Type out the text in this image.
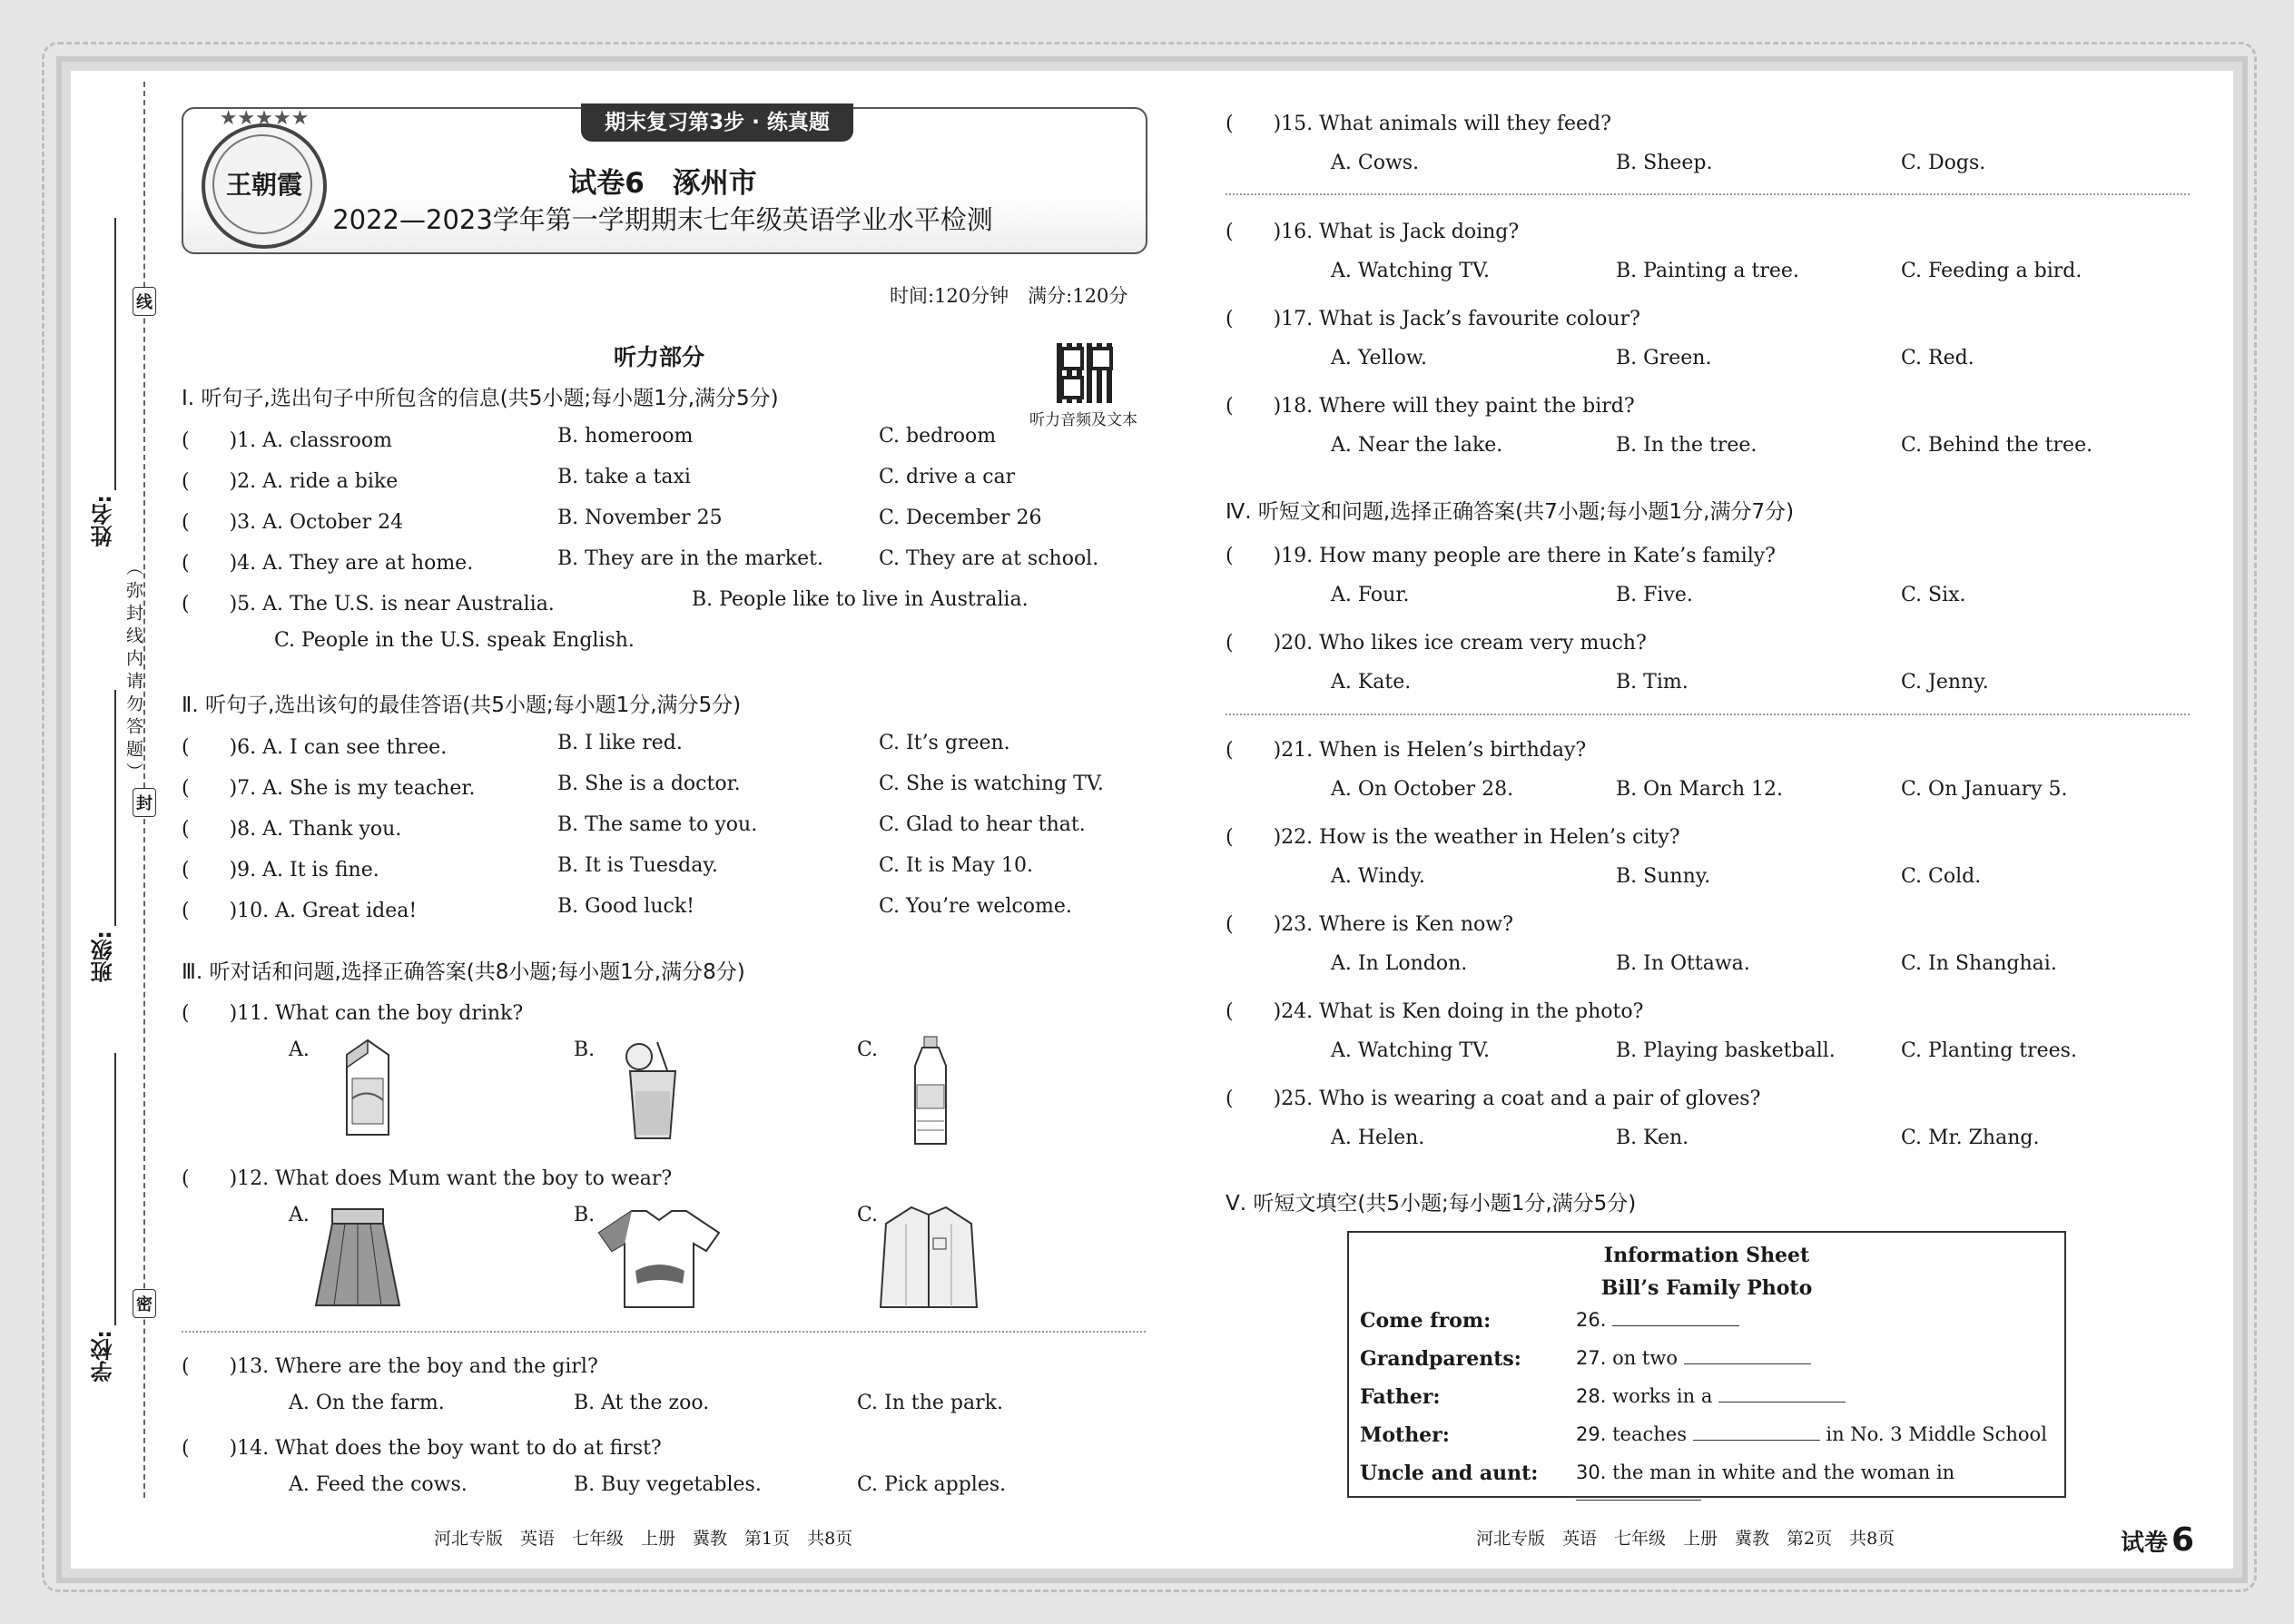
线
封
密
（弥封线内请勿答题）
姓名:
班级:
学校:
期末复习第3步 · 练真题
王朝霞
★★★★★
试卷6　涿州市
2022—2023学年第一学期期末七年级英语学业水平检测
时间:120分钟　满分:120分
听力音频及文本
听力部分
Ⅰ. 听句子,选出句子中所包含的信息(共5小题;每小题1分,满分5分)
(　　)1. A. classroom	B. homeroom	C. bedroom
(　　)2. A. ride a bike	B. take a taxi	C. drive a car
(　　)3. A. October 24	B. November 25	C. December 26
(　　)4. A. They are at home.	B. They are in the market.	C. They are at school.
(　　)5. A. The U.S. is near Australia.	B. People like to live in Australia.
C. People in the U.S. speak English.
Ⅱ. 听句子,选出该句的最佳答语(共5小题;每小题1分,满分5分)
(　　)6. A. I can see three.	B. I like red.	C. It’s green.
(　　)7. A. She is my teacher.	B. She is a doctor.	C. She is watching TV.
(　　)8. A. Thank you.	B. The same to you.	C. Glad to hear that.
(　　)9. A. It is fine.	B. It is Tuesday.	C. It is May 10.
(　　)10. A. Great idea!	B. Good luck!	C. You’re welcome.
Ⅲ. 听对话和问题,选择正确答案(共8小题;每小题1分,满分8分)
(　　)11. What can the boy drink?
A.	B.	C.
(　　)12. What does Mum want the boy to wear?
A.	B.	C.
(　　)13. Where are the boy and the girl?
A. On the farm.	B. At the zoo.	C. In the park.
(　　)14. What does the boy want to do at first?
A. Feed the cows.	B. Buy vegetables.	C. Pick apples.
(　　)15. What animals will they feed?
A. Cows.	B. Sheep.	C. Dogs.
(　　)16. What is Jack doing?
A. Watching TV.	B. Painting a tree.	C. Feeding a bird.
(　　)17. What is Jack’s favourite colour?
A. Yellow.	B. Green.	C. Red.
(　　)18. Where will they paint the bird?
A. Near the lake.	B. In the tree.	C. Behind the tree.
Ⅳ. 听短文和问题,选择正确答案(共7小题;每小题1分,满分7分)
(　　)19. How many people are there in Kate’s family?
A. Four.	B. Five.	C. Six.
(　　)20. Who likes ice cream very much?
A. Kate.	B. Tim.	C. Jenny.
(　　)21. When is Helen’s birthday?
A. On October 28.	B. On March 12.	C. On January 5.
(　　)22. How is the weather in Helen’s city?
A. Windy.	B. Sunny.	C. Cold.
(　　)23. Where is Ken now?
A. In London.	B. In Ottawa.	C. In Shanghai.
(　　)24. What is Ken doing in the photo?
A. Watching TV.	B. Playing basketball.	C. Planting trees.
(　　)25. Who is wearing a coat and a pair of gloves?
A. Helen.	B. Ken.	C. Mr. Zhang.
Ⅴ. 听短文填空(共5小题;每小题1分,满分5分)
Information Sheet
Bill’s Family Photo
Come from:	26.
Grandparents:	27. on two
Father:	28. works in a
Mother:	29. teaches	in No. 3 Middle School
Uncle and aunt: 30. the man in white and the woman in
河北专版　英语　七年级　上册　冀教　第1页　共8页	河北专版　英语　七年级　上册　冀教　第2页　共8页	试卷 6
